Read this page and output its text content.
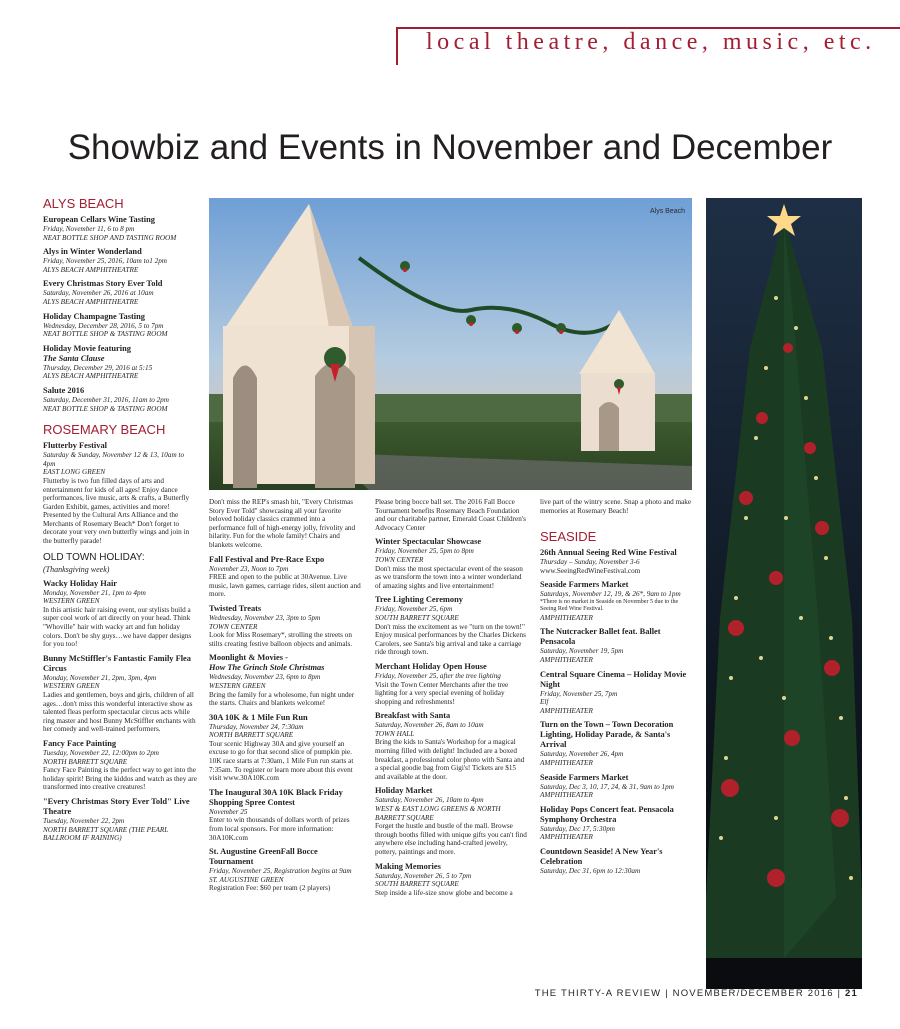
local theatre, dance, music, etc.
Showbiz and Events in November and December
ALYS BEACH
European Cellars Wine Tasting
Friday, November 11, 6 to 8 pm
NEAT BOTTLE SHOP AND TASTING ROOM
Alys in Winter Wonderland
Friday, November 25, 2016, 10am to1 2pm
ALYS BEACH AMPHITHEATRE
Every Christmas Story Ever Told
Saturday, November 26, 2016 at 10am
ALYS BEACH AMPHITHEATRE
Holiday Champagne Tasting
Wednesday, December 28, 2016, 5 to 7pm
NEAT BOTTLE SHOP & TASTING ROOM
Holiday Movie featuring
The Santa Clause
Thursday, December 29, 2016 at 5:15
ALYS BEACH AMPHITHEATRE
Salute 2016
Saturday, December 31, 2016, 11am to 2pm
NEAT BOTTLE SHOP & TASTING ROOM
ROSEMARY BEACH
Flutterby Festival
Saturday & Sunday, November 12 & 13, 10am to 4pm
EAST LONG GREEN
Flutterby is two fun filled days of arts and entertainment for kids of all ages! Enjoy dance performances, live music, arts & crafts, a Butterfly Garden Exhibit, games, activities and more! Presented by the Cultural Arts Alliance and the Merchants of Rosemary Beach* Don't forget to decorate your very own butterfly wings and join in the butterfly parade!
OLD TOWN HOLIDAY:
(Thanksgiving week)
Wacky Holiday Hair
Monday, November 21, 1pm to 4pm
WESTERN GREEN
In this artistic hair raising event, our stylists build a super cool work of art directly on your head. Think "Whoville" hair with wacky art and fun holiday colors. Don't be shy guys…we have dapper designs for you too!
Bunny McStiffler's Fantastic Family Flea Circus
Monday, November 21, 2pm, 3pm, 4pm
WESTERN GREEN
Ladies and gentlemen, boys and girls, children of all ages…don't miss this wonderful interactive show as talented fleas perform spectacular circus acts while ring master and host Bunny McStiffler enchants with her comedy and well-trained performers.
Fancy Face Painting
Tuesday, November 22, 12:00pm to 2pm
NORTH BARRETT SQUARE
Fancy Face Painting is the perfect way to get into the holiday spirit! Bring the kiddos and watch as they are transformed into creative creatures!
"Every Christmas Story Ever Told" Live Theatre
Tuesday, November 22, 2pm
NORTH BARRETT SQUARE (THE PEARL BALLROOM IF RAINING)
Don't miss the REP's smash hit, "Every Christmas Story Ever Told" showcasing all your favorite beloved holiday classics crammed into a performance full of high-energy jolly, frivolity and hilarity. Fun for the whole family! Chairs and blankets welcome.
Fall Festival and Pre-Race Expo
November 23, Noon to 7pm
FREE and open to the public at 30Avenue. Live music, lawn games, carriage rides, silent auction and more.
Twisted Treats
Wednesday, November 23, 3pm to 5pm
TOWN CENTER
Look for Miss Rosemary*, strolling the streets on stilts creating festive balloon objects and animals.
Moonlight & Movies -
How The Grinch Stole Christmas
Wednesday, November 23, 6pm to 8pm
WESTERN GREEN
Bring the family for a wholesome, fun night under the starts. Chairs and blankets welcome!
30A 10K & 1 Mile Fun Run
Thursday, November 24, 7:30am
NORTH BARRETT SQUARE
Tour scenic Highway 30A and give yourself an excuse to go for that second slice of pumpkin pie. 10K race starts at 7:30am, 1 Mile Fun run starts at 7:35am. To register or learn more about this event visit www.30A10K.com
The Inaugural 30A 10K Black Friday Shopping Spree Contest
November 25
Enter to win thousands of dollars worth of prizes from local sponsors. For more information: 30A10K.com
St. Augustine GreenFall Bocce Tournament
Friday, November 25, Registration begins at 9am
ST. AUGUSTINE GREEN
Registration Fee: $60 per team (2 players)
Please bring bocce ball set. The 2016 Fall Bocce Tournament benefits Rosemary Beach Foundation and our charitable partner, Emerald Coast Children's Advocacy Center
Winter Spectacular Showcase
Friday, November 25, 5pm to 8pm
TOWN CENTER
Don't miss the most spectacular event of the season as we transform the town into a winter wonderland of amazing sights and live entertainment!
Tree Lighting Ceremony
Friday, November 25, 6pm
SOUTH BARRETT SQUARE
Don't miss the excitement as we "turn on the town!" Enjoy musical performances by the Charles Dickens Carolers, see Santa's big arrival and take a carriage ride through town.
Merchant Holiday Open House
Friday, November 25, after the tree lighting
Visit the Town Center Merchants after the tree lighting for a very special evening of holiday shopping and refreshments!
Breakfast with Santa
Saturday, November 26, 8am to 10am
TOWN HALL
Bring the kids to Santa's Workshop for a magical morning filled with delight! Included are a boxed breakfast, a professional color photo with Santa and a special goodie bag from Gigi's! Tickets are $15 and available at the door.
Holiday Market
Saturday, November 26, 10am to 4pm
WEST & EAST LONG GREENS & NORTH BARRETT SQUARE
Forget the hustle and bustle of the mall. Browse through booths filled with unique gifts you can't find anywhere else including hand-crafted jewelry, pottery, paintings and more.
Making Memories
Saturday, November 26, 5 to 7pm
SOUTH BARRETT SQUARE
Step inside a life-size snow globe and become a
live part of the wintry scene. Snap a photo and make memories at Rosemary Beach!
SEASIDE
26th Annual Seeing Red Wine Festival
Thursday – Sunday, November 3-6
www.SeeingRedWineFestival.com
Seaside Farmers Market
Saturdays, November 12, 19, & 26*, 9am to 1pm
*There is no market in Seaside on November 5 due to the Seeing Red Wine Festival.
AMPHITHEATER
The Nutcracker Ballet feat. Ballet Pensacola
Saturday, November 19, 5pm
AMPHITHEATER
Central Square Cinema – Holiday Movie Night
Friday, November 25, 7pm
Elf
AMPHITHEATER
Turn on the Town – Town Decoration Lighting, Holiday Parade, & Santa's Arrival
Saturday, November 26, 4pm
AMPHITHEATER
Seaside Farmers Market
Saturday, Dec 3, 10, 17, 24, & 31, 9am to 1pm
AMPHITHEATER
Holiday Pops Concert feat. Pensacola Symphony Orchestra
Saturday, Dec 17, 5:30pm
AMPHITHEATER
Countdown Seaside! A New Year's Celebration
Saturday, Dec 31, 6pm to 12:30am
Alys Beach
THE THIRTY-A REVIEW | NOVEMBER/DECEMBER 2016 | 21
